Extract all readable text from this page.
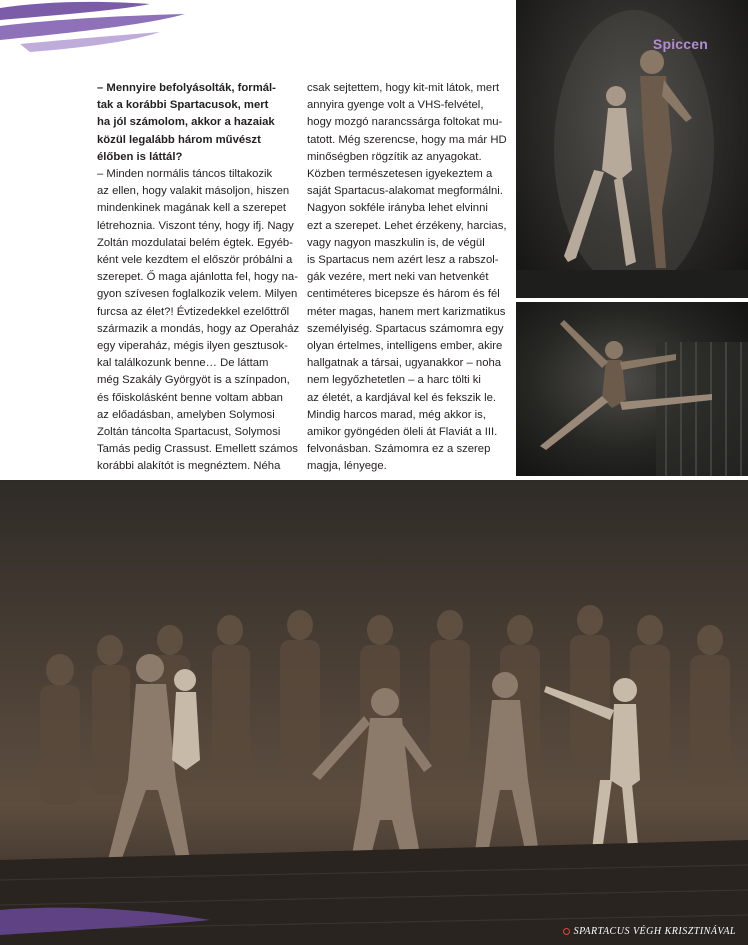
Spiccen
– Mennyire befolyásolták, formál-
tak a korábbi Spartacusok, mert
ha jól számolom, akkor a hazaiak
közül legalább három művészt
élőben is láttál?
– Minden normális táncos tiltakozik
az ellen, hogy valakit másoljon, hiszen
mindenkinek magának kell a szerepet
létrehoznia. Viszont tény, hogy ifj. Nagy
Zoltán mozdulatai belém égtek. Egyéb-
ként vele kezdtem el először próbálni a
szerepet. Ő maga ajánlotta fel, hogy na-
gyon szívesen foglalkozik velem. Milyen
furcsa az élet?! Évtizedekkel ezelőttről
származik a mondás, hogy az Operaház
egy viperaház, mégis ilyen gesztusok-
kal találkozunk benne… De láttam
még Szakály Györgyöt is a színpadon,
és főiskolásként benne voltam abban
az előadásban, amelyben Solymosi
Zoltán táncolta Spartacust, Solymosi
Tamás pedig Crassust. Emellett számos
korábbi alakítót is megnéztem. Néha
csak sejtettem, hogy kit-mit látok, mert
annyira gyenge volt a VHS-felvétel,
hogy mozgó narancssárga foltokat mu-
tatott. Még szerencse, hogy ma már HD
minőségben rögzítik az anyagokat.
Közben természetesen igyekeztem a
saját Spartacus-alakomat megformálni.
Nagyon sokféle irányba lehet elvinni
ezt a szerepet. Lehet érzékeny, harcias,
vagy nagyon maszkulin is, de végül
is Spartacus nem azért lesz a rabszol-
gák vezére, mert neki van hetvenkét
centiméteres bicepsze és három és fél
méter magas, hanem mert karizmatikus
személyiség. Spartacus számomra egy
olyan értelmes, intelligens ember, akire
hallgatnak a társai, ugyanakkor – noha
nem legyőzhetetlen – a harc tölti ki
az életét, a kardjával kel és fekszik le.
Mindig harcos marad, még akkor is,
amikor gyöngéden öleli át Flaviát a III.
felvonásban. Számomra ez a szerep
magja, lényege.
SPARTACUS VÉGH KRISZTINÁVAL
